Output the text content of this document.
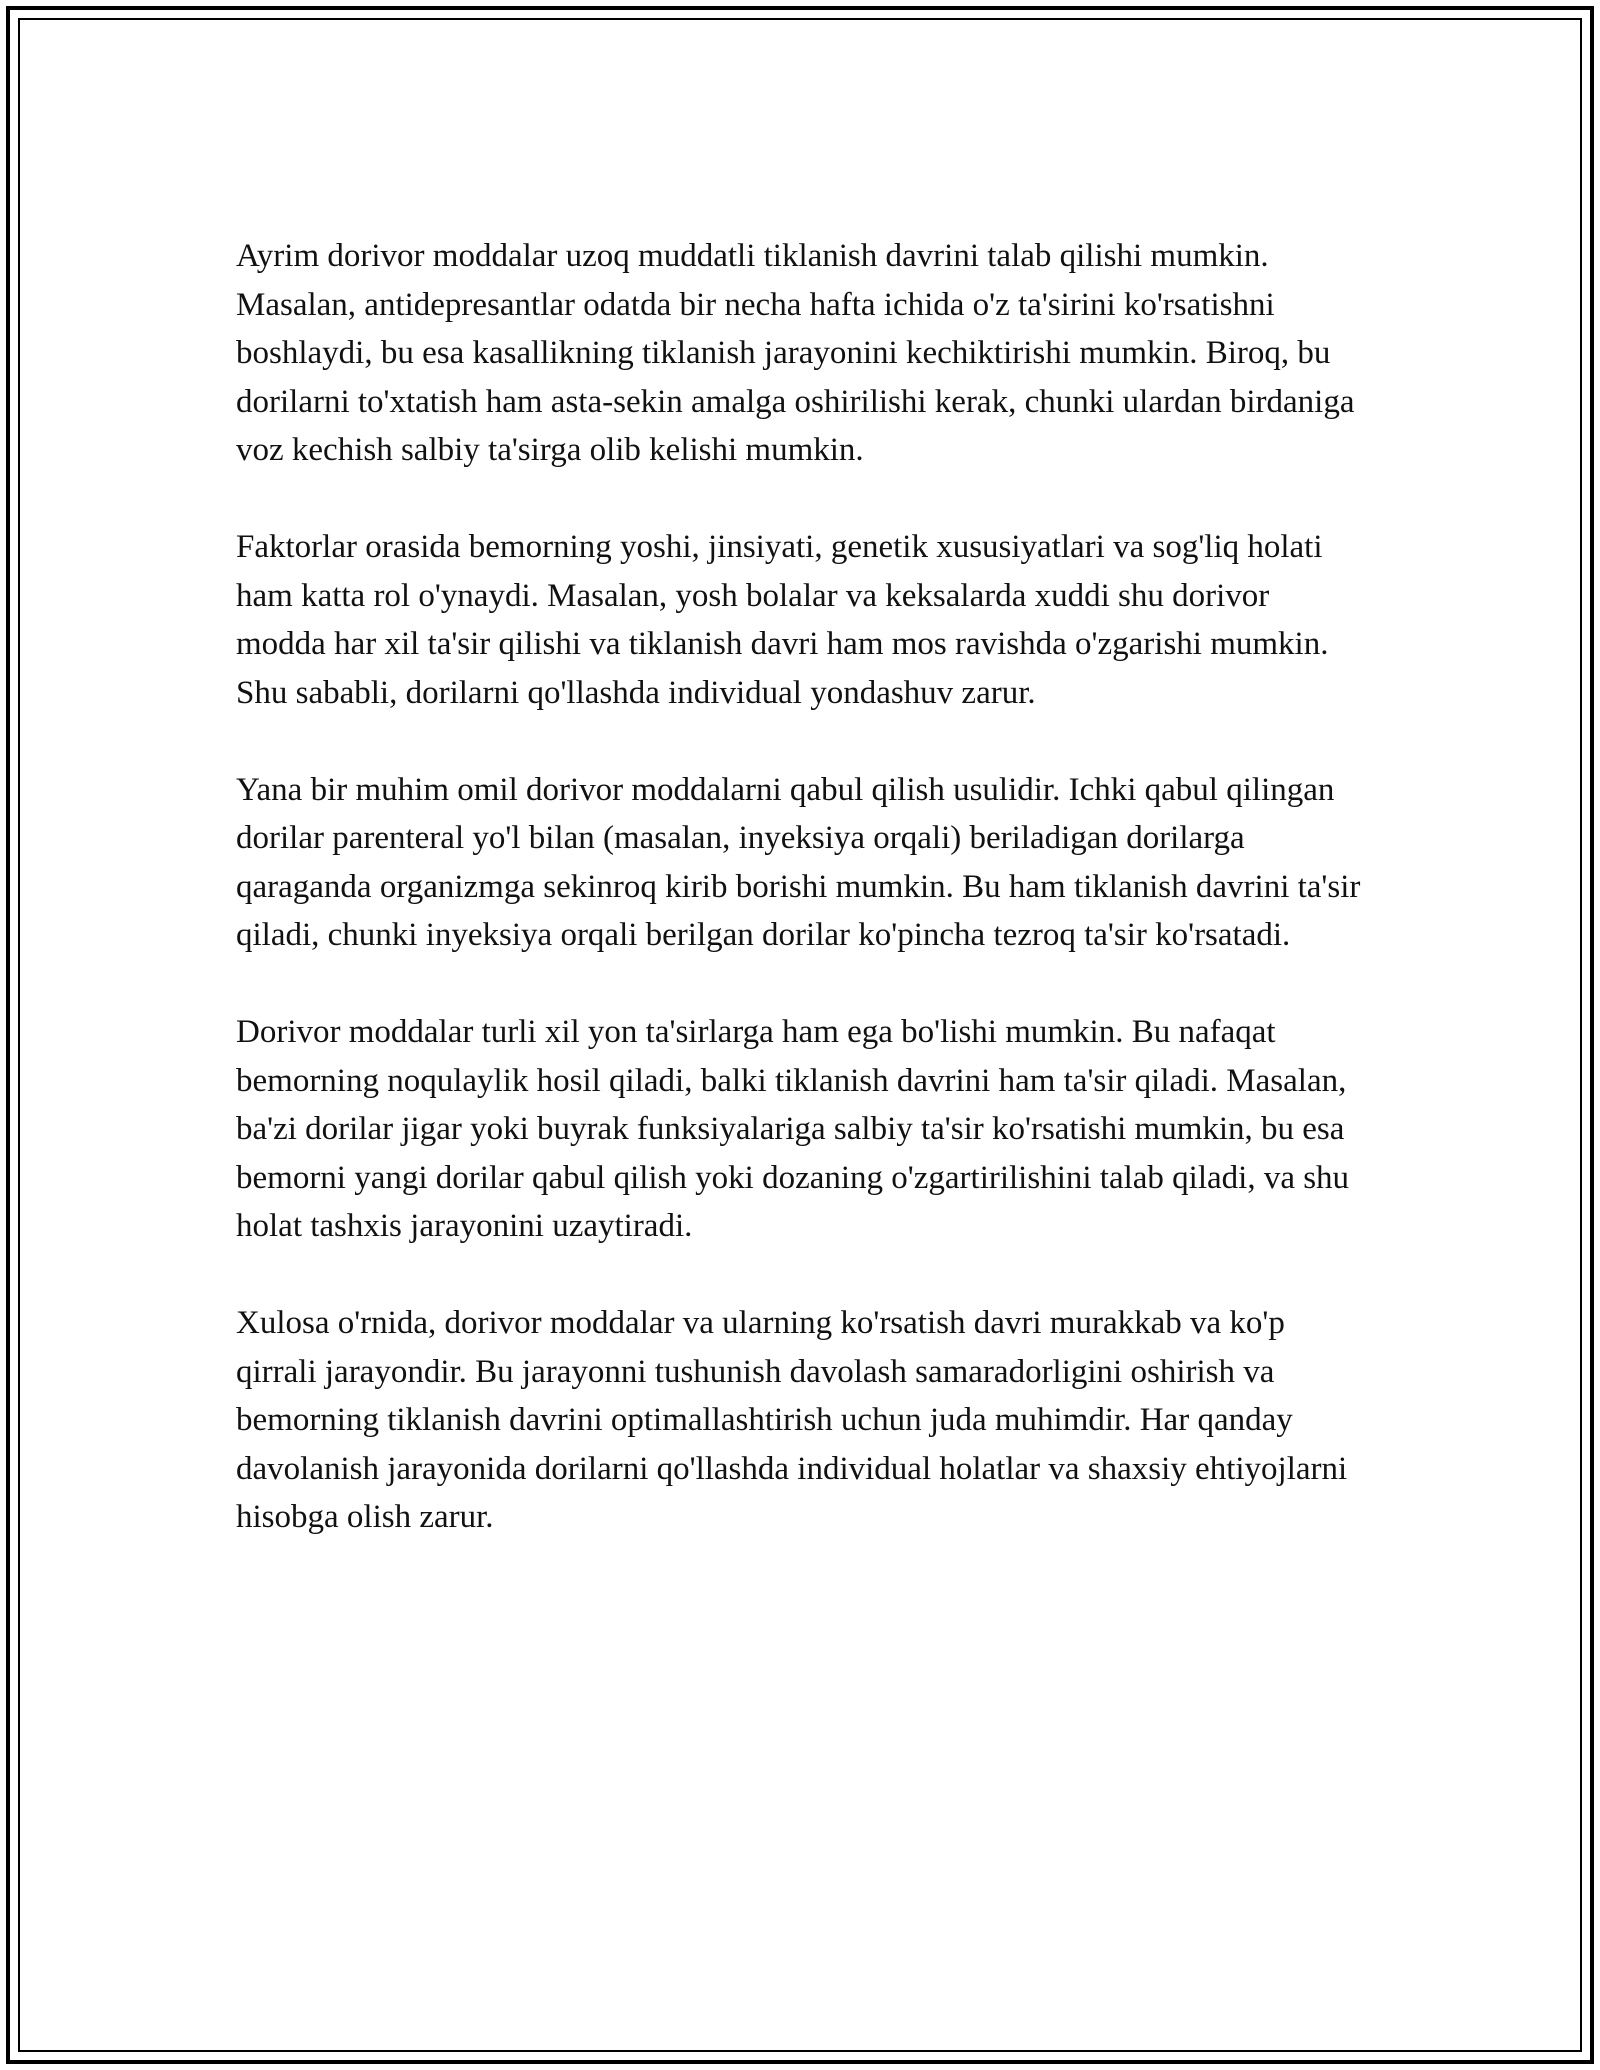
Ayrim dorivor moddalar uzoq muddatli tiklanish davrini talab qilishi mumkin. Masalan, antidepresantlar odatda bir necha hafta ichida o'z ta'sirini ko'rsatishni boshlaydi, bu esa kasallikning tiklanish jarayonini kechiktirishi mumkin. Biroq, bu dorilarni to'xtatish ham asta-sekin amalga oshirilishi kerak, chunki ulardan birdaniga voz kechish salbiy ta'sirga olib kelishi mumkin.

Faktorlar orasida bemorning yoshi, jinsiyati, genetik xususiyatlari va sog'liq holati ham katta rol o'ynaydi. Masalan, yosh bolalar va keksalarda xuddi shu dorivor modda har xil ta'sir qilishi va tiklanish davri ham mos ravishda o'zgarishi mumkin. Shu sababli, dorilarni qo'llashda individual yondashuv zarur.

Yana bir muhim omil dorivor moddalarni qabul qilish usulidir. Ichki qabul qilingan dorilar parenteral yo'l bilan (masalan, inyeksiya orqali) beriladigan dorilarga qaraganda organizmga sekinroq kirib borishi mumkin. Bu ham tiklanish davrini ta'sir qiladi, chunki inyeksiya orqali berilgan dorilar ko'pincha tezroq ta'sir ko'rsatadi.

Dorivor moddalar turli xil yon ta'sirlarga ham ega bo'lishi mumkin. Bu nafaqat bemorning noqulaylik hosil qiladi, balki tiklanish davrini ham ta'sir qiladi. Masalan, ba'zi dorilar jigar yoki buyrak funksiyalariga salbiy ta'sir ko'rsatishi mumkin, bu esa bemorni yangi dorilar qabul qilish yoki dozaning o'zgartirilishini talab qiladi, va shu holat tashxis jarayonini uzaytiradi.

Xulosa o'rnida, dorivor moddalar va ularning ko'rsatish davri murakkab va ko'p qirrali jarayondir. Bu jarayonni tushunish davolash samaradorligini oshirish va bemorning tiklanish davrini optimallashtirish uchun juda muhimdir. Har qanday davolanish jarayonida dorilarni qo'llashda individual holatlar va shaxsiy ehtiyojlarni hisobga olish zarur.
